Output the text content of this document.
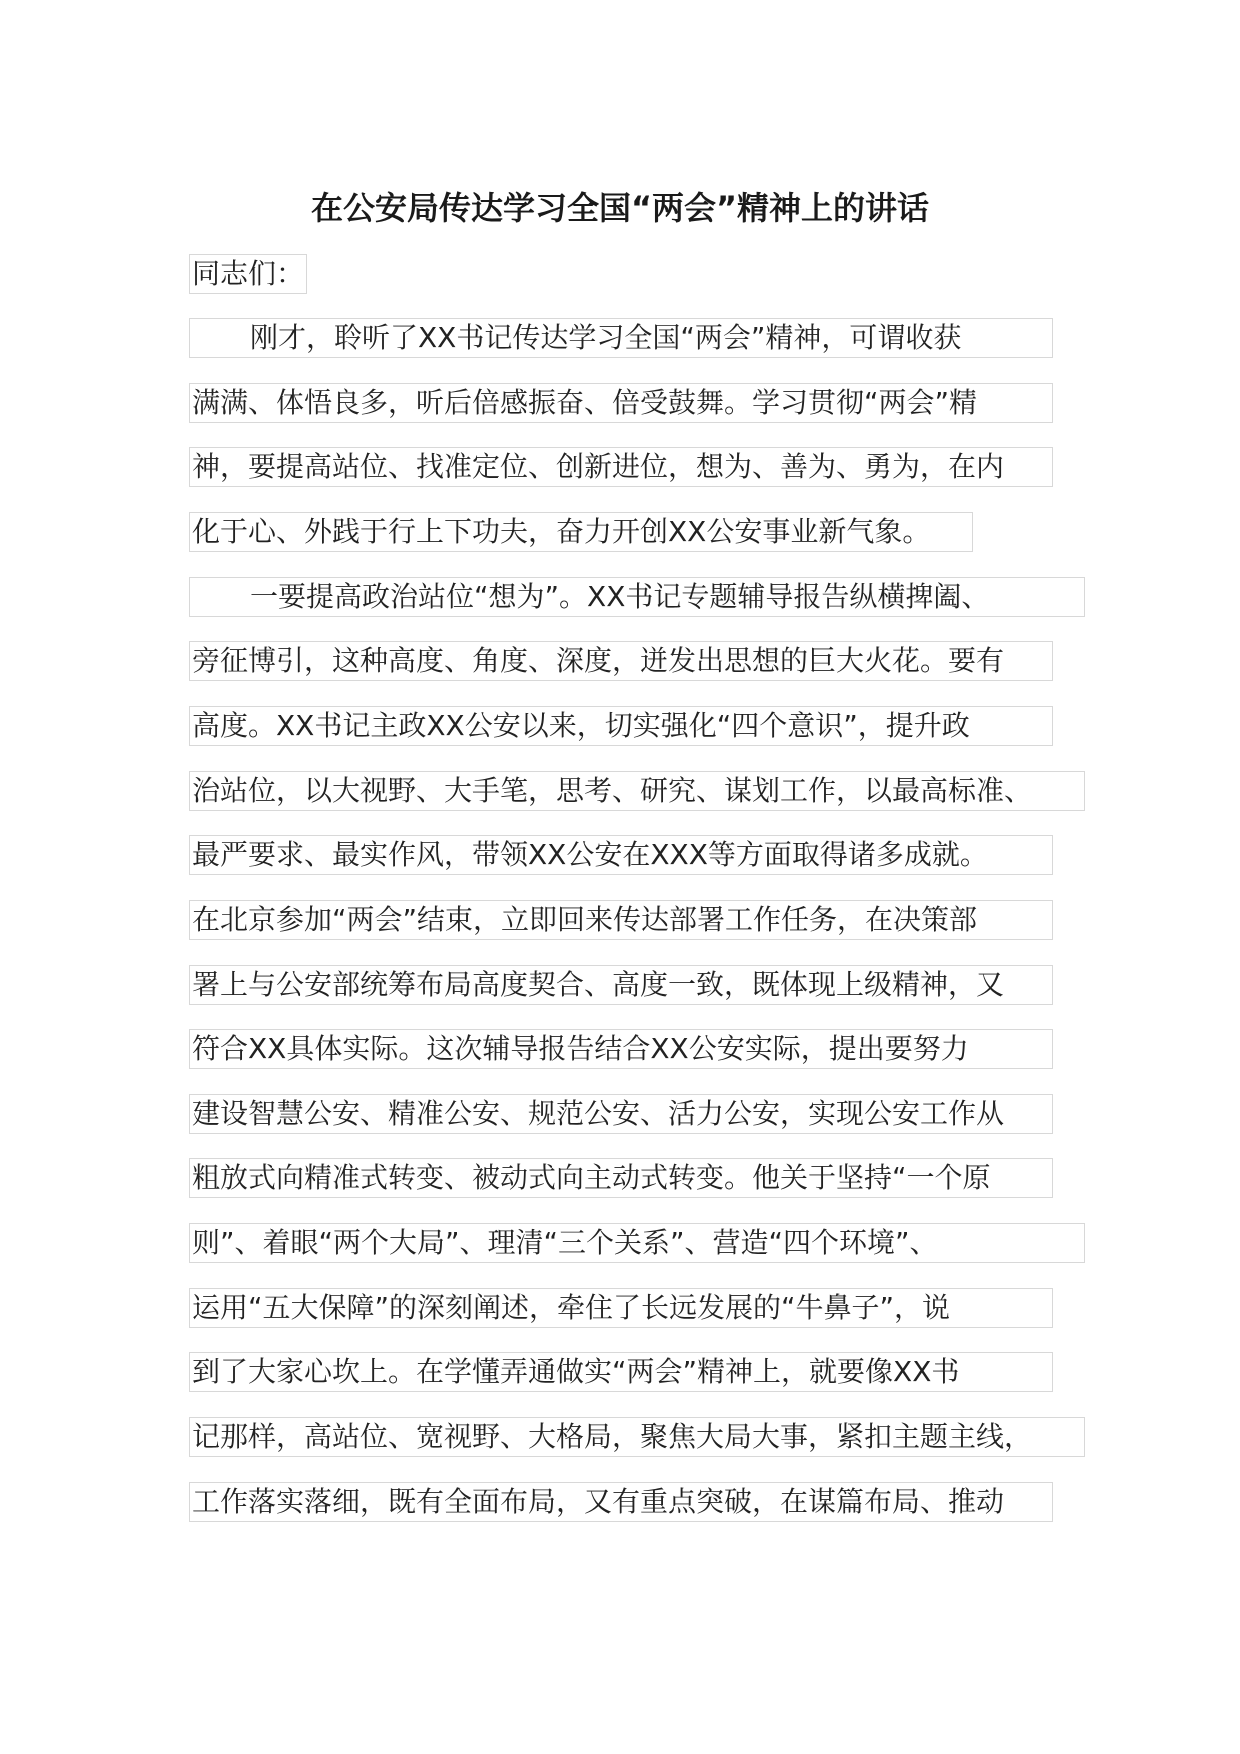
在公安局传达学习全国“两会”精神上的讲话
同志们：
刚才，聆听了XX书记传达学习全国“两会”精神，可谓收获
满满、体悟良多，听后倍感振奋、倍受鼓舞。学习贯彻“两会”精
神，要提高站位、找准定位、创新进位，想为、善为、勇为，在内
化于心、外践于行上下功夫，奋力开创XX公安事业新气象。
一要提高政治站位“想为”。XX书记专题辅导报告纵横捭阖、
旁征博引，这种高度、角度、深度，迸发出思想的巨大火花。要有
高度。XX书记主政XX公安以来，切实强化“四个意识”，提升政
治站位，以大视野、大手笔，思考、研究、谋划工作，以最高标准、
最严要求、最实作风，带领XX公安在XXX等方面取得诸多成就。
在北京参加“两会”结束，立即回来传达部署工作任务，在决策部
署上与公安部统筹布局高度契合、高度一致，既体现上级精神，又
符合XX具体实际。这次辅导报告结合XX公安实际，提出要努力
建设智慧公安、精准公安、规范公安、活力公安，实现公安工作从
粗放式向精准式转变、被动式向主动式转变。他关于坚持“一个原
则”、着眼“两个大局”、理清“三个关系”、营造“四个环境”、
运用“五大保障”的深刻阐述，牵住了长远发展的“牛鼻子”，说
到了大家心坎上。在学懂弄通做实“两会”精神上，就要像XX书
记那样，高站位、宽视野、大格局，聚焦大局大事，紧扣主题主线，
工作落实落细，既有全面布局，又有重点突破，在谋篇布局、推动
